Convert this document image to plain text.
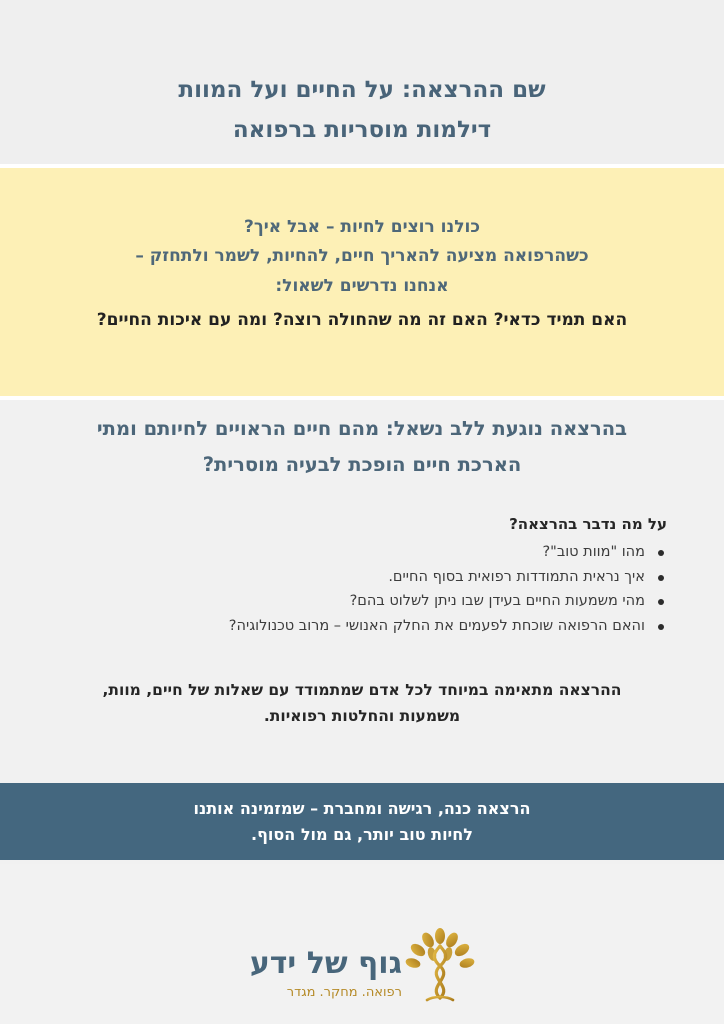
שם ההרצאה: על החיים ועל המוות
דילמות מוסריות ברפואה
כולנו רוצים לחיות – אבל איך?
כשהרפואה מציעה להאריך חיים, להחיות, לשמר ולתחזק –
אנחנו נדרשים לשאול:
האם תמיד כדאי? האם זה מה שהחולה רוצה? ומה עם איכות החיים?
בהרצאה נוגעת ללב נשאל: מהם חיים הראויים לחיותם ומתי
הארכת חיים הופכת לבעיה מוסרית?
על מה נדבר בהרצאה?
מהו "מוות טוב"?
איך נראית התמודדות רפואית בסוף החיים.
מהי משמעות החיים בעידן שבו ניתן לשלוט בהם?
והאם הרפואה שוכחת לפעמים את החלק האנושי – מרוב טכנולוגיה?
ההרצאה מתאימה במיוחד לכל אדם שמתמודד עם שאלות של חיים, מוות,
משמעות והחלטות רפואיות.
הרצאה כנה, רגישה ומחברת – שמזמינה אותנו
לחיות טוב יותר, גם מול הסוף.
גוף של ידע
רפואה. מחקר. מגדר
